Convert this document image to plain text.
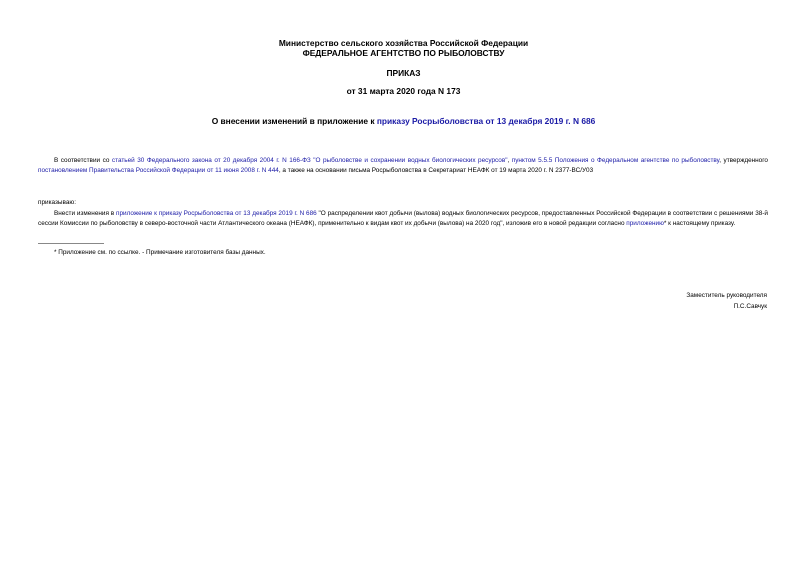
Министерство сельского хозяйства Российской Федерации
ФЕДЕРАЛЬНОЕ АГЕНТСТВО ПО РЫБОЛОВСТВУ
ПРИКАЗ
от 31 марта 2020 года N 173
О внесении изменений в приложение к приказу Росрыболовства от 13 декабря 2019 г. N 686
В соответствии со статьей 30 Федерального закона от 20 декабря 2004 г. N 166-ФЗ "О рыболовстве и сохранении водных биологических ресурсов", пунктом 5.5.5 Положения о Федеральном агентстве по рыболовству, утвержденного постановлением Правительства Российской Федерации от 11 июня 2008 г. N 444, а также на основании письма Росрыболовства в Секретариат НЕАФК от 19 марта 2020 г. N 2377-ВС/У03
приказываю:
Внести изменения в приложение к приказу Росрыболовства от 13 декабря 2019 г. N 686 "О распределении квот добычи (вылова) водных биологических ресурсов, предоставленных Российской Федерации в соответствии с решениями 38-й сессии Комиссии по рыболовству в северо-восточной части Атлантического океана (НЕАФК), применительно к видам квот их добычи (вылова) на 2020 год", изложив его в новой редакции согласно приложению* к настоящему приказу.
* Приложение см. по ссылке. - Примечание изготовителя базы данных.
Заместитель руководителя
П.С.Савчук
